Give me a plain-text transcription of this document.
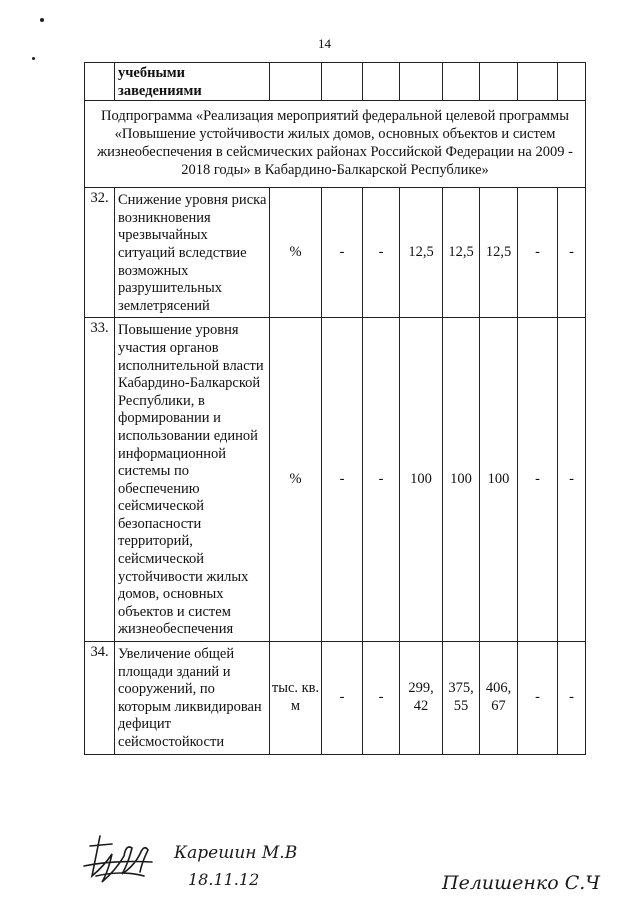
14
	учебными заведениями								
Подпрограмма «Реализация мероприятий федеральной целевой программы «Повышение устойчивости жилых домов, основных объектов и систем жизнеобеспечения в сейсмических районах Российской Федерации на 2009 - 2018 годы» в Кабардино-Балкарской Республике»									
32.	Снижение уровня риска возникновения чрезвычайных ситуаций вследствие возможных разрушительных землетрясений	%	-	-	12,5	12,5	12,5	-	-
33.	Повышение уровня участия органов исполнительной власти Кабардино-Балкарской Республики, в формировании и использовании единой информационной системы по обеспечению сейсмической безопасности территорий, сейсмической устойчивости жилых домов, основных объектов и систем жизнеобеспечения	%	-	-	100	100	100	-	-
34.	Увеличение общей площади зданий и сооружений, по которым ликвидирован дефицит сейсмостойкости	тыс. кв. м	-	-	299, 42	375, 55	406, 67	-	-
Карешин М.В
18.11.12	Пелишенко С.Ч
